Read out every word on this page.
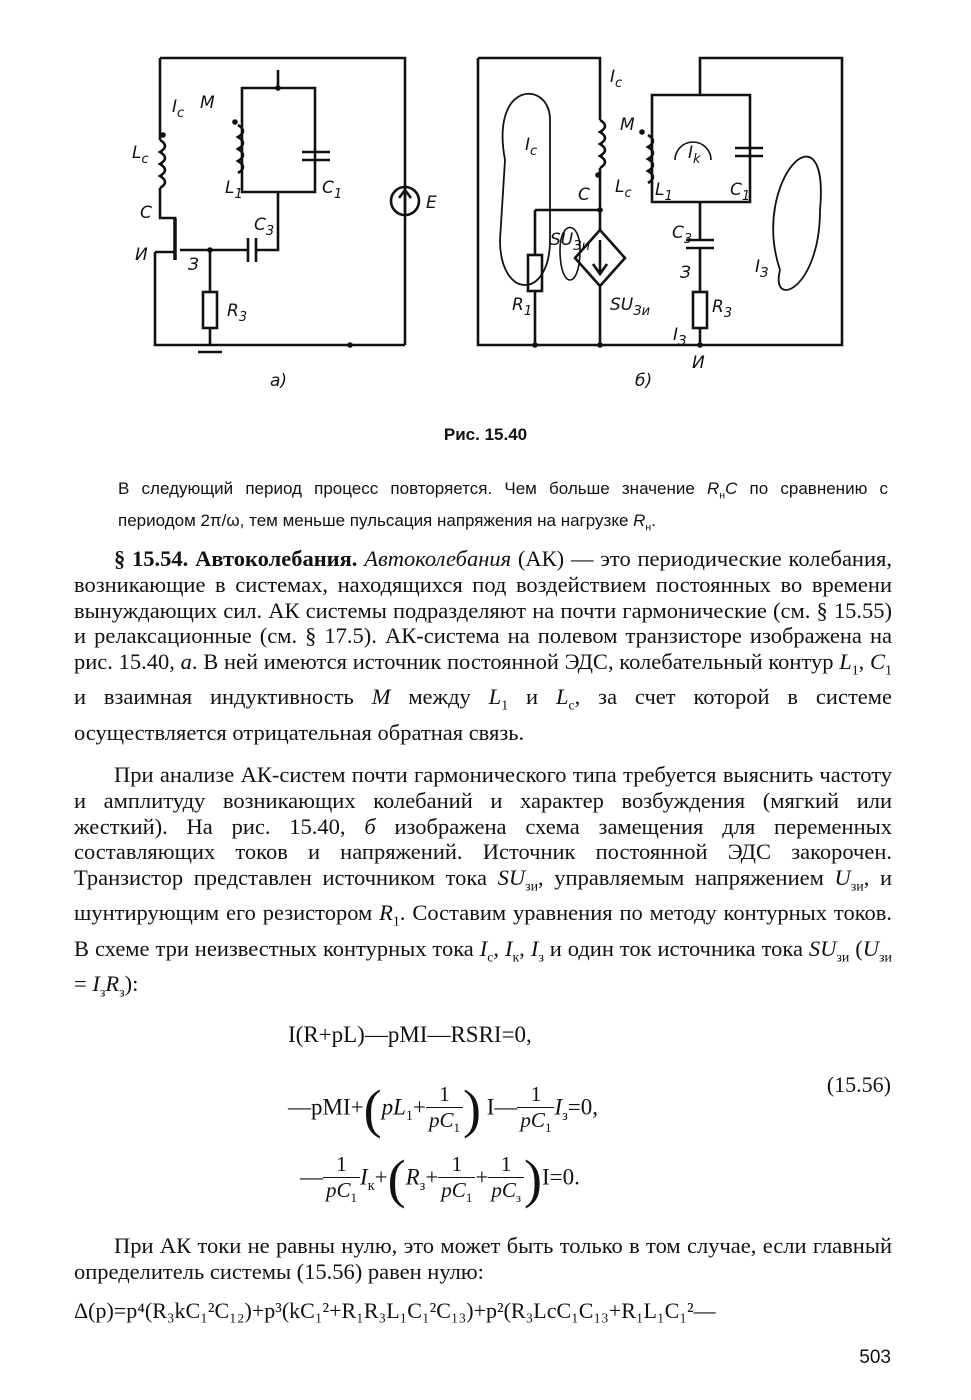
$I_c$
M
$L_c$
С
И З
$L_1$	$C_1$
$С_3$
$R_3$
E
а)
$I_c$
$I_c$
M
C $L_c$
$I_k$
$L_1$	$C_1$
$С_3$
З	$I_З$
$SU_{Зи}$
$SU_{Зи}$
$R_1$	$R_3$
$I_З$
И
б)
Рис. 15.40
В следующий период процесс повторяется. Чем больше значение $R_нC$ по сравнению с периодом 2π/ω, тем меньше пульсация напряжения на нагрузке $R_н$.
§ 15.54. Автоколебания. Автоколебания (АК) — это периодические колебания, возникающие в системах, находящихся под воздействием постоянных во времени вынуждающих сил. АК системы подразделяют на почти гармонические (см. § 15.55) и релаксационные (см. § 17.5). АК-система на полевом транзисторе изображена на рис. 15.40, а. В ней имеются источник постоянной ЭДС, колебательный контур $L_1$, $C_1$ и взаимная индуктивность M между $L_1$ и $L_c$, за счет которой в системе осуществляется отрицательная обратная связь.
При анализе АК-систем почти гармонического типа требуется выяснить частоту и амплитуду возникающих колебаний и характер возбуждения (мягкий или жесткий). На рис. 15.40, б изображена схема замещения для переменных составляющих токов и напряжений. Источник постоянной ЭДС закорочен. Транзистор представлен источником тока $SU_{зи}$, управляемым напряжением $U_{зи}$, и шунтирующим его резистором $R_1$. Составим уравнения по методу контурных токов. В схеме три неизвестных контурных тока $I_c$, $I_к$, $I_з$ и один ток источника тока $SU_{зи}$ $(U_{зи} = I_зR_з)$:
I(R+pL)—pMI—RSRI=0,
$—pMI+(pL_1+ \frac{1}{pC_1}$ ) I— $\frac{1}{pC_1} I_з=0$,
— $\frac{1}{pC_1} I_к+(R_з+ \frac{1}{pC_1} + \frac{1}{pC_з} )I=0$.
(15.56)
При АК токи не равны нулю, это может быть только в том случае, если главный определитель системы (15.56) равен нулю:
Δ(p)=p⁴(R₃kC₁²C₁₂)+p³(kC₁²+R₁R₃L₁C₁²C₁₃)+p²(R₃LcC₁C₁₃+R₁L₁C₁²—
503
